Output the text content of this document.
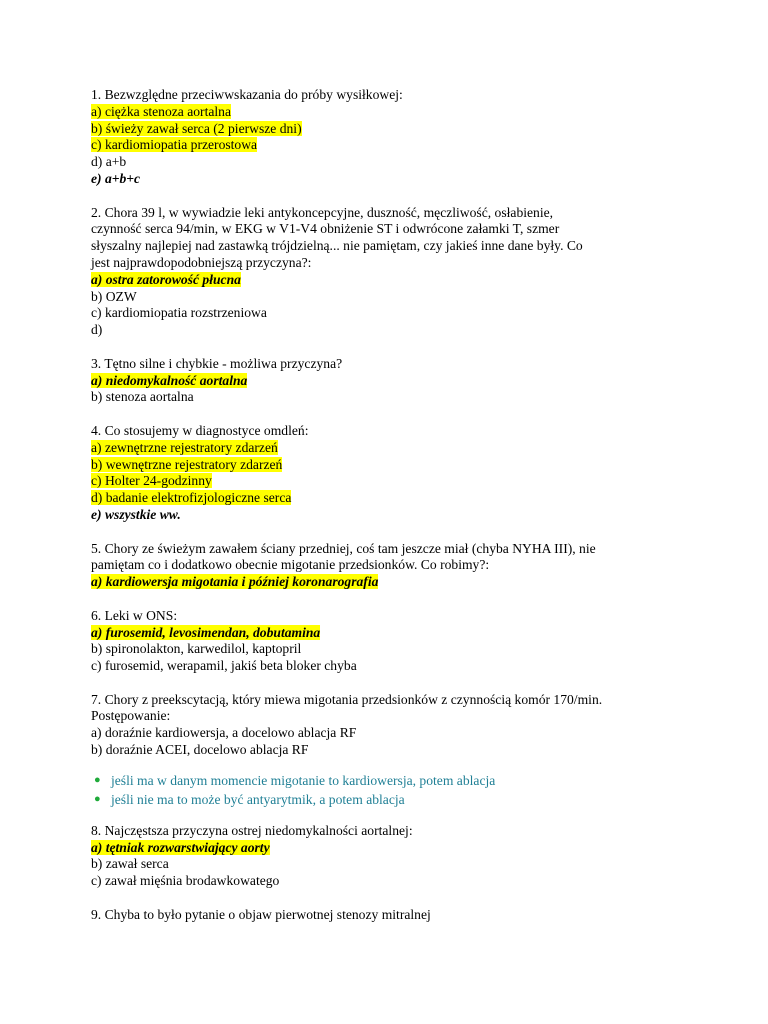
1. Bezwzględne przeciwwskazania do próby wysiłkowej:
a) ciężka stenoza aortalna
b) świeży zawał serca (2 pierwsze dni)
c) kardiomiopatia przerostowa
d) a+b
e) a+b+c
2. Chora 39 l, w wywiadzie leki antykoncepcyjne, duszność, męczliwość, osłabienie,
czynność serca 94/min, w EKG w V1-V4 obniżenie ST i odwrócone załamki T, szmer
słyszalny najlepiej nad zastawką trójdzielną... nie pamiętam, czy jakieś inne dane były. Co
jest najprawdopodobniejszą przyczyna?:
a) ostra zatorowość płucna
b) OZW
c) kardiomiopatia rozstrzeniowa
d)
3. Tętno silne i chybkie - możliwa przyczyna?
a) niedomykalność aortalna
b) stenoza aortalna
4. Co stosujemy w diagnostyce omdleń:
a) zewnętrzne rejestratory zdarzeń
b) wewnętrzne rejestratory zdarzeń
c) Holter 24-godzinny
d) badanie elektrofizjologiczne serca
e) wszystkie ww.
5. Chory ze świeżym zawałem ściany przedniej, coś tam jeszcze miał (chyba NYHA III), nie
pamiętam co i dodatkowo obecnie migotanie przedsionków. Co robimy?:
a) kardiowersja migotania i później koronarografia
6. Leki w ONS:
a) furosemid, levosimendan, dobutamina
b) spironolakton, karwedilol, kaptopril
c) furosemid, werapamil, jakiś beta bloker chyba
7. Chory z preekscytacją, który miewa migotania przedsionków z czynnością komór 170/min.
Postępowanie:
a) doraźnie kardiowersja, a docelowo ablacja RF
b) doraźnie ACEI, docelowo ablacja RF
● jeśli ma w danym momencie migotanie to kardiowersja, potem ablacja
● jeśli nie ma to może być antyarytmik, a potem ablacja
8. Najczęstsza przyczyna ostrej niedomykalności aortalnej:
a) tętniak rozwarstwiający aorty
b) zawał serca
c) zawał mięśnia brodawkowatego
9. Chyba to było pytanie o objaw pierwotnej stenozy mitralnej
